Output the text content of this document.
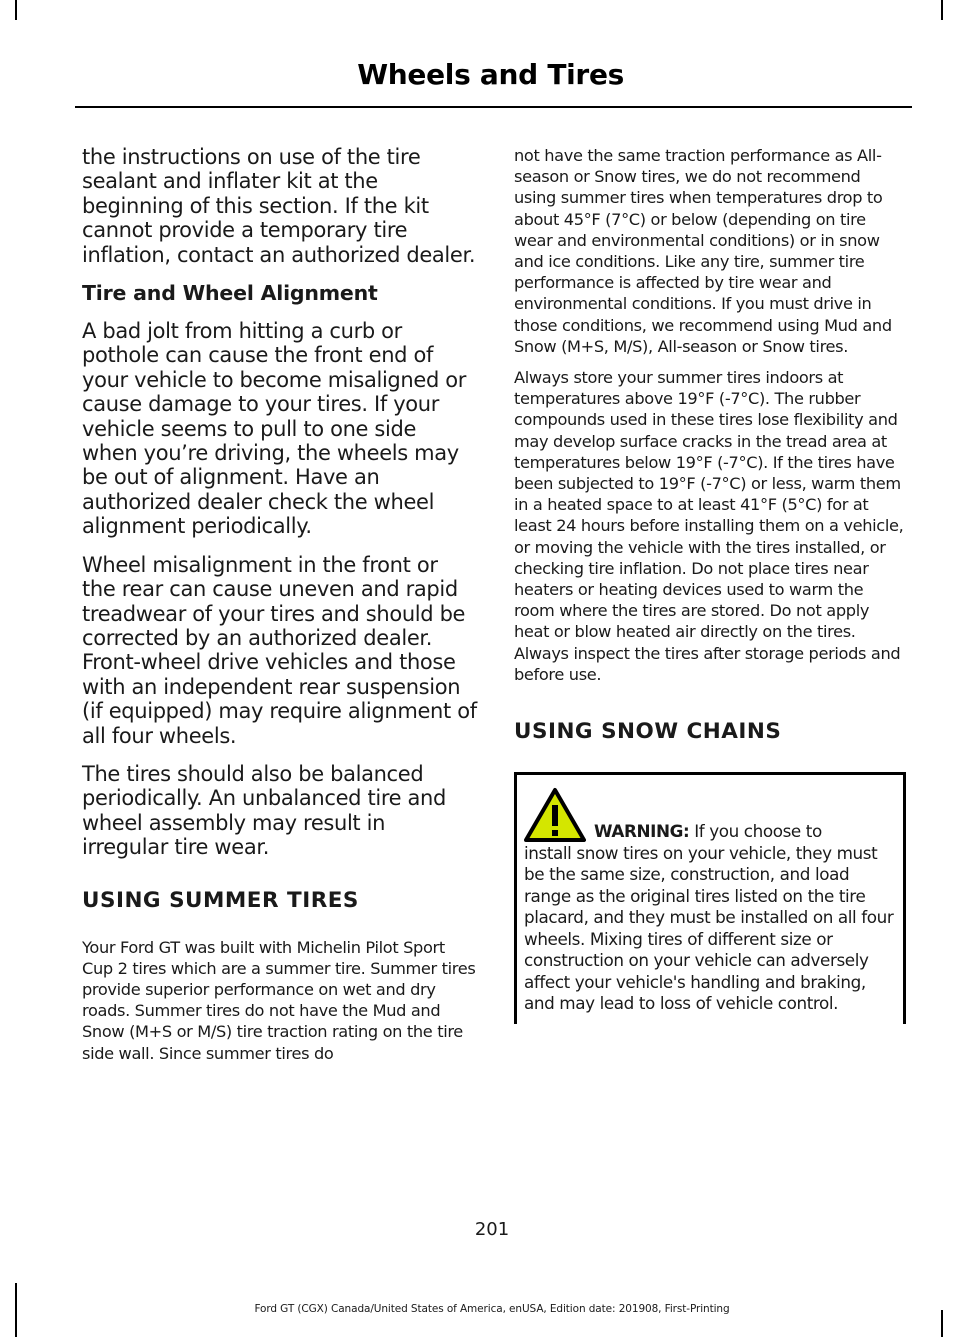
Wheels and Tires

the instructions on use of the tire sealant and inflater kit at the beginning of this section. If the kit cannot provide a temporary tire inflation, contact an authorized dealer.

Tire and Wheel Alignment

A bad jolt from hitting a curb or pothole can cause the front end of your vehicle to become misaligned or cause damage to your tires. If your vehicle seems to pull to one side when you’re driving, the wheels may be out of alignment. Have an authorized dealer check the wheel alignment periodically.

Wheel misalignment in the front or the rear can cause uneven and rapid treadwear of your tires and should be corrected by an authorized dealer. Front-wheel drive vehicles and those with an independent rear suspension (if equipped) may require alignment of all four wheels.

The tires should also be balanced periodically. An unbalanced tire and wheel assembly may result in irregular tire wear.

USING SUMMER TIRES

Your Ford GT was built with Michelin Pilot Sport Cup 2 tires which are a summer tire. Summer tires provide superior performance on wet and dry roads. Summer tires do not have the Mud and Snow (M+S or M/S) tire traction rating on the tire side wall. Since summer tires do

not have the same traction performance as All-season or Snow tires, we do not recommend using summer tires when temperatures drop to about 45°F (7°C) or below (depending on tire wear and environmental conditions) or in snow and ice conditions. Like any tire, summer tire performance is affected by tire wear and environmental conditions. If you must drive in those conditions, we recommend using Mud and Snow (M+S, M/S), All-season or Snow tires.

Always store your summer tires indoors at temperatures above 19°F (-7°C). The rubber compounds used in these tires lose flexibility and may develop surface cracks in the tread area at temperatures below 19°F (-7°C). If the tires have been subjected to 19°F (-7°C) or less, warm them in a heated space to at least 41°F (5°C) for at least 24 hours before installing them on a vehicle, or moving the vehicle with the tires installed, or checking tire inflation. Do not place tires near heaters or heating devices used to warm the room where the tires are stored. Do not apply heat or blow heated air directly on the tires. Always inspect the tires after storage periods and before use.

USING SNOW CHAINS
WARNING: If you choose to
install snow tires on your vehicle, they must be the same size, construction, and load range as the original tires listed on the tire placard, and they must be installed on all four wheels. Mixing tires of different size or construction on your vehicle can adversely affect your vehicle's handling and braking, and may lead to loss of vehicle control.
201
Ford GT (CGX) Canada/United States of America, enUSA, Edition date: 201908, First-Printing
